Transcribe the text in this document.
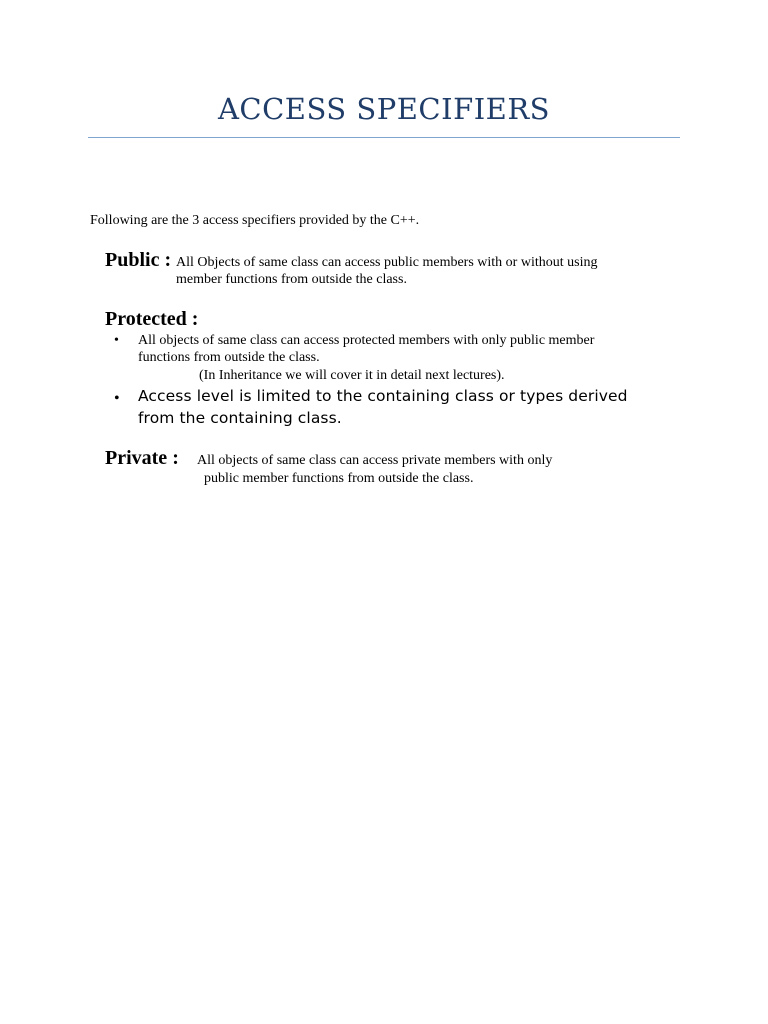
ACCESS SPECIFIERS
Following are the 3 access specifiers provided by the C++.
Public : All Objects of same class can access public members with or without using
member functions from outside the class.
Protected :
• All objects of same class can access protected members with only public member
functions from outside the class.
(In Inheritance we will cover it in detail next lectures).
• Access level is limited to the containing class or types derived
from the containing class.
Private : All objects of same class can access private members with only
public member functions from outside the class.
